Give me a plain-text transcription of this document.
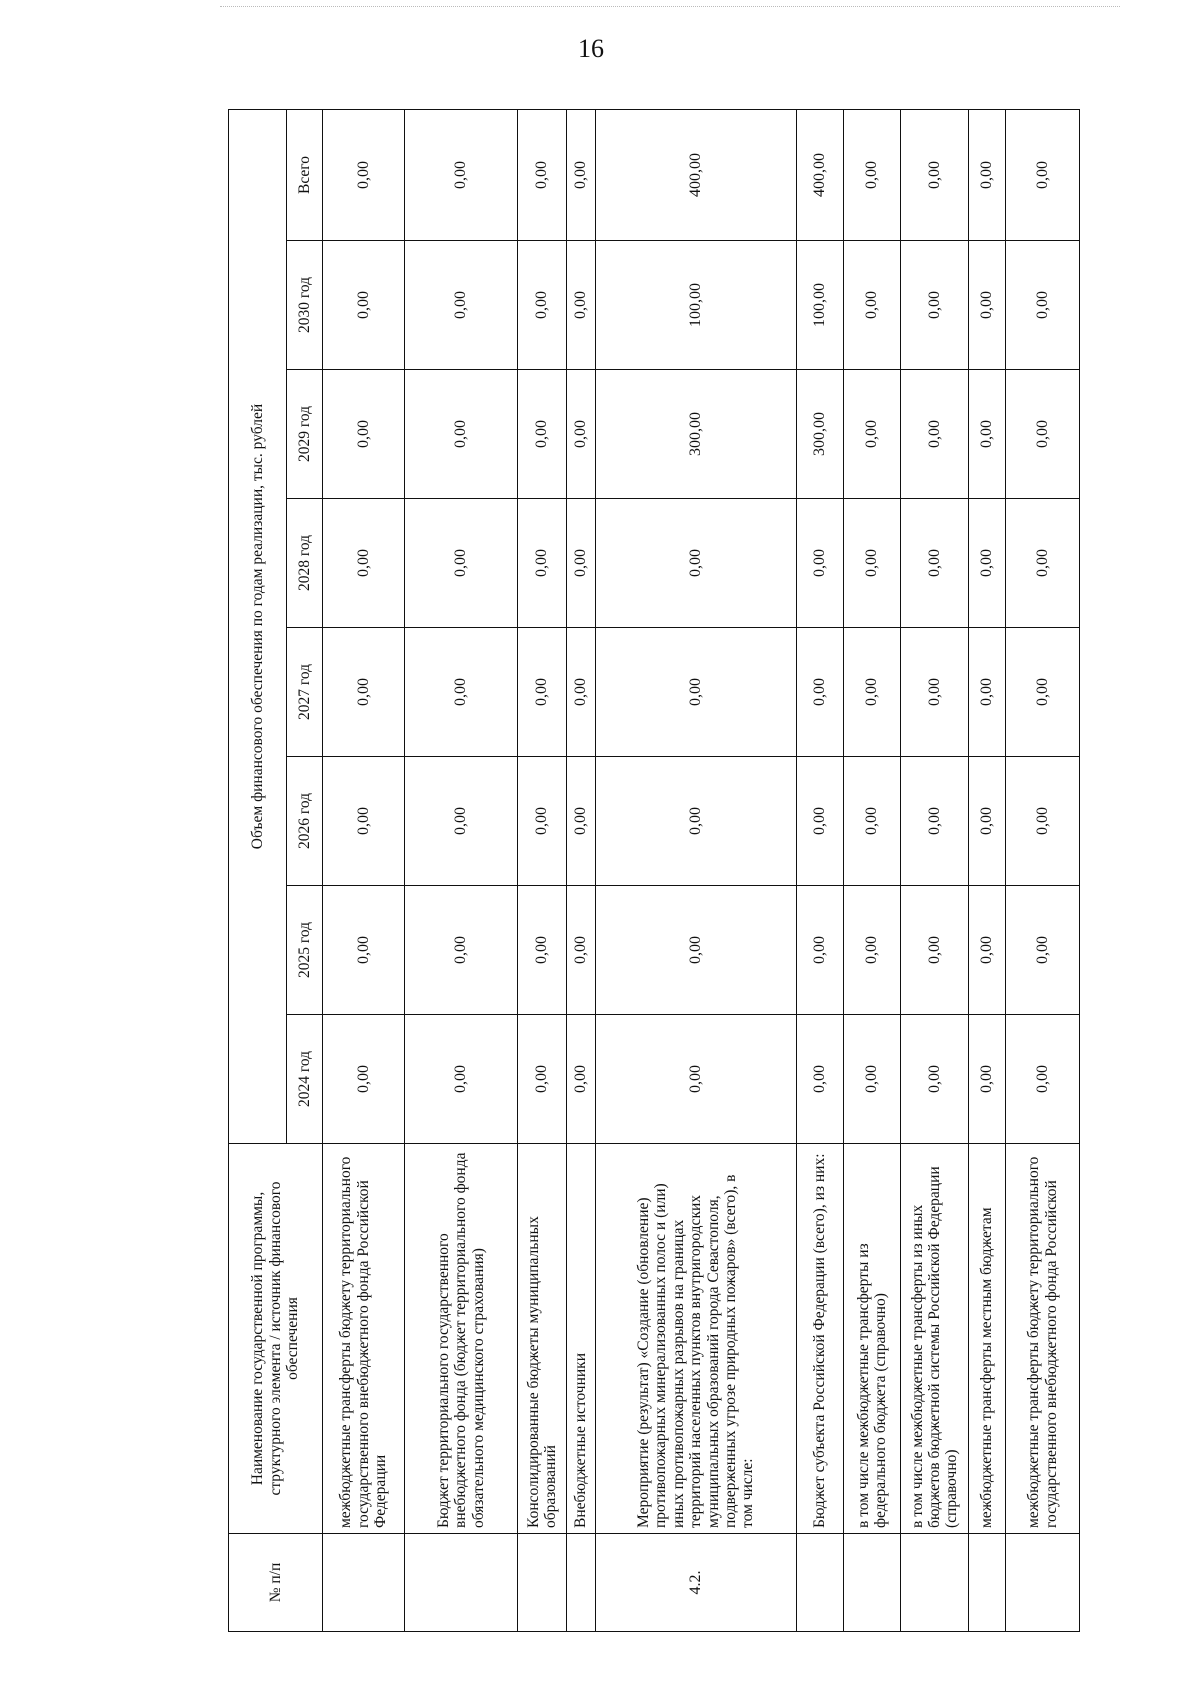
16
№ п/п	Наименование государственной программы, структурного элемента / источник финансового обеспечения	Объем финансового обеспечения по годам реализации, тыс. рублей							
		2024 год	2025 год	2026 год	2027 год	2028 год	2029 год	2030 год	Всего
	межбюджетные трансферты бюджету территориального государственного внебюджетного фонда Российской Федерации	0,00	0,00	0,00	0,00	0,00	0,00	0,00	0,00
	Бюджет территориального государственного внебюджетного фонда (бюджет территориального фонда обязательного медицинского страхования)	0,00	0,00	0,00	0,00	0,00	0,00	0,00	0,00
	Консолидированные бюджеты муниципальных образований	0,00	0,00	0,00	0,00	0,00	0,00	0,00	0,00
	Внебюджетные источники	0,00	0,00	0,00	0,00	0,00	0,00	0,00	0,00
4.2.	Мероприятие (результат) «Создание (обновление) противопожарных минерализованных полос и (или) иных противопожарных разрывов на границах территорий населенных пунктов внутригородских муниципальных образований города Севастополя, подверженных угрозе природных пожаров» (всего), в том числе:	0,00	0,00	0,00	0,00	0,00	300,00	100,00	400,00
	Бюджет субъекта Российской Федерации (всего), из них:	0,00	0,00	0,00	0,00	0,00	300,00	100,00	400,00
	в том числе межбюджетные трансферты из федерального бюджета (справочно)	0,00	0,00	0,00	0,00	0,00	0,00	0,00	0,00
	в том числе межбюджетные трансферты из иных бюджетов бюджетной системы Российской Федерации (справочно)	0,00	0,00	0,00	0,00	0,00	0,00	0,00	0,00
	межбюджетные трансферты местным бюджетам	0,00	0,00	0,00	0,00	0,00	0,00	0,00	0,00
	межбюджетные трансферты бюджету территориального государственного внебюджетного фонда Российской	0,00	0,00	0,00	0,00	0,00	0,00	0,00	0,00
